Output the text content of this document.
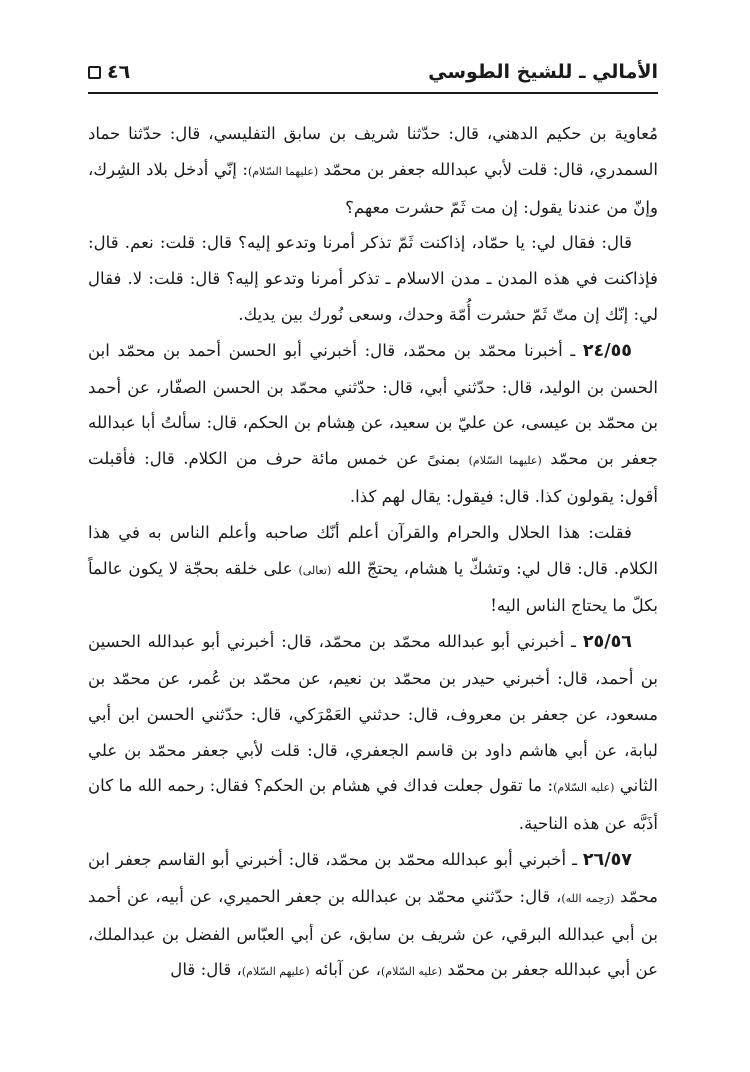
الأمالي ـ للشيخ الطوسي
٤٦

مُعاوية بن حكيم الدهني، قال: حدّثنا شريف بن سابق التفليسي، قال: حدّثنا حماد السمدري، قال: قلت لأبي عبدالله جعفر بن محمّد (عليهما السّلام): إنّي أدخل بلاد الشِرك، وإنّ من عندنا يقول: إن مت ثَمّ حشرت معهم؟

قال: فقال لي: يا حمّاد، إذاكنت ثَمّ تذكر أمرنا وتدعو إليه؟ قال: قلت: نعم. قال: فإذاكنت في هذه المدن ـ مدن الاسلام ـ تذكر أمرنا وتدعو إليه؟ قال: قلت: لا. فقال لي: إنّك إن متّ ثَمّ حشرت أُمّة وحدك، وسعى نُورك بين يديك.

٢٤/٥٥ ـ أخبرنا محمّد بن محمّد، قال: أخبرني أبو الحسن أحمد بن محمّد ابن الحسن بن الوليد، قال: حدّثني أبي، قال: حدّثني محمّد بن الحسن الصفّار، عن أحمد بن محمّد بن عيسى، عن عليّ بن سعيد، عن هِشام بن الحكم، قال: سألتُ أبا عبدالله جعفر بن محمّد (عليهما السّلام) بمنىً عن خمس مائة حرف من الكلام. قال: فأقبلت أقول: يقولون كذا. قال: فيقول: يقال لهم كذا.

فقلت: هذا الحلال والحرام والقرآن أعلم أنّك صاحبه وأعلم الناس به في هذا الكلام. قال: قال لي: وتشكّ يا هشام، يحتجّ الله (تعالى) على خلقه بحجّة لا يكون عالماً بكلّ ما يحتاج الناس اليه!

٢٥/٥٦ ـ أخبرني أبو عبدالله محمّد بن محمّد، قال: أخبرني أبو عبدالله الحسين بن أحمد، قال: أخبرني حيدر بن محمّد بن نعيم، عن محمّد بن عُمر، عن محمّد بن مسعود، عن جعفر بن معروف، قال: حدثني العَمْرَكي، قال: حدّثني الحسن ابن أبي لبابة، عن أبي هاشم داود بن قاسم الجعفري، قال: قلت لأبي جعفر محمّد بن علي الثاني (عليه السّلام): ما تقول جعلت فداك في هشام بن الحكم؟ فقال: رحمه الله ما كان أذَبَّه عن هذه الناحية.

٢٦/٥٧ ـ أخبرني أبو عبدالله محمّد بن محمّد، قال: أخبرني أبو القاسم جعفر ابن محمّد (رَحِمه الله)، قال: حدّثني محمّد بن عبدالله بن جعفر الحميري، عن أبيه، عن أحمد بن أبي عبدالله البرقي، عن شريف بن سابق، عن أبي العبّاس الفضل بن عبدالملك، عن أبي عبدالله جعفر بن محمّد (عليه السّلام)، عن آبائه (عليهم السّلام)، قال: قال
